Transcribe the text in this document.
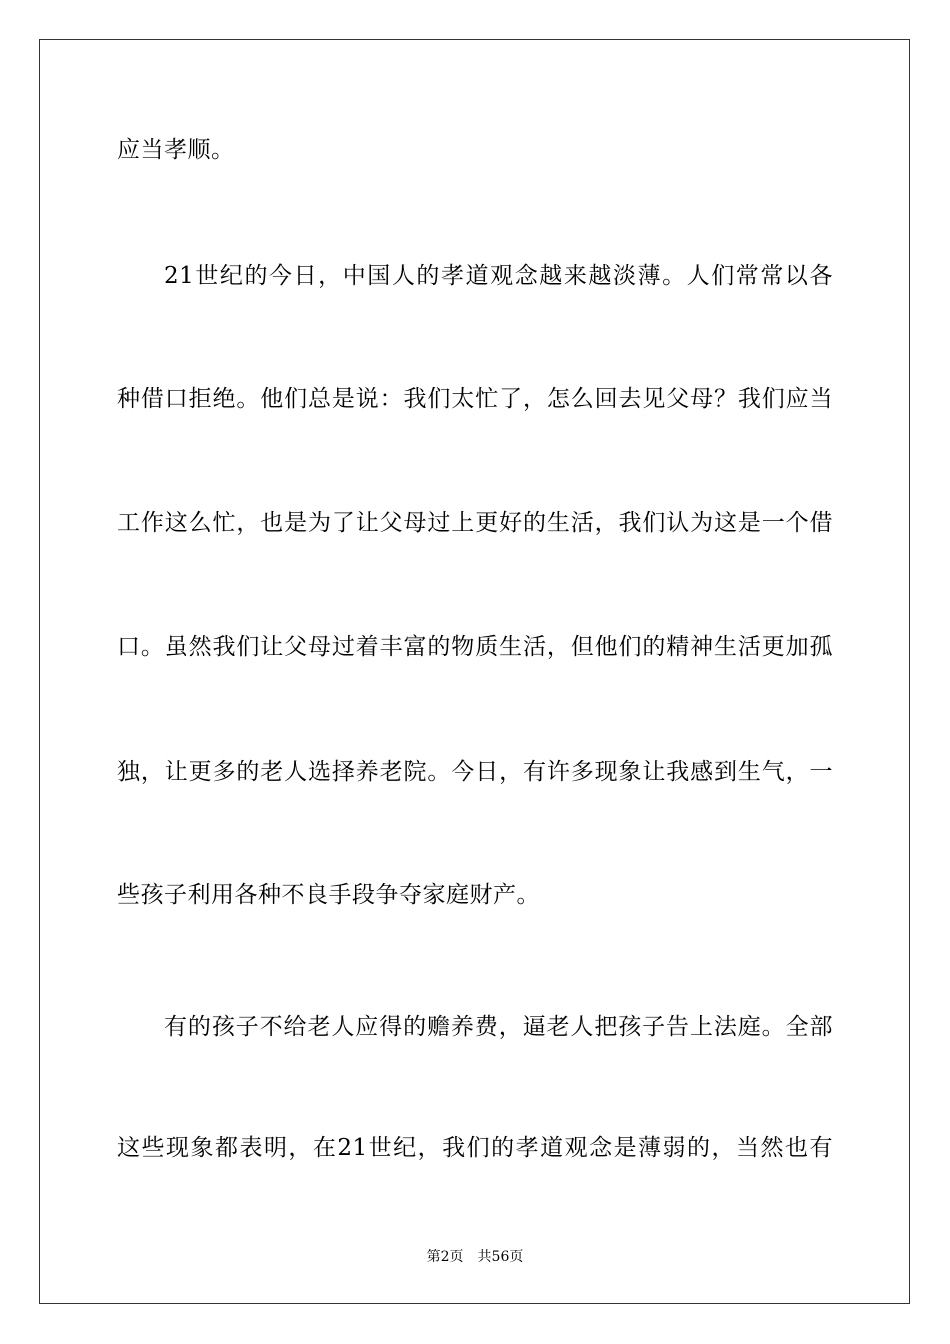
应当孝顺。
21世纪的今日，中国人的孝道观念越来越淡薄。人们常常以各
种借口拒绝。他们总是说：我们太忙了，怎么回去见父母？我们应当
工作这么忙，也是为了让父母过上更好的生活，我们认为这是一个借
口。虽然我们让父母过着丰富的物质生活，但他们的精神生活更加孤
独，让更多的老人选择养老院。今日，有许多现象让我感到生气，一
些孩子利用各种不良手段争夺家庭财产。
有的孩子不给老人应得的赡养费，逼老人把孩子告上法庭。全部
这些现象都表明，在21世纪，我们的孝道观念是薄弱的，当然也有
第2页　共56页
